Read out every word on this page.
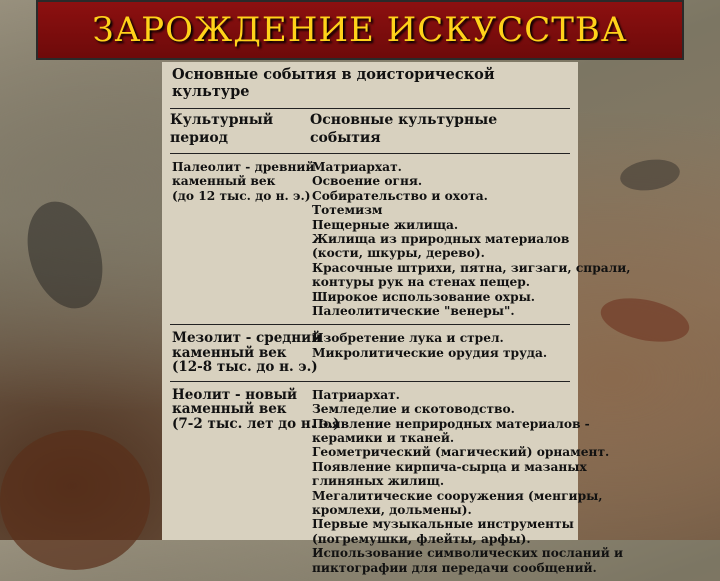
ЗАРОЖДЕНИЕ ИСКУССТВА
Основные события в доисторической культуре
Культурный период
Основные культурные события
Палеолит - древний
каменный век
(до 12 тыс. до н. э.)
Матриархат.
Освоение огня.
Собирательство и охота.
Тотемизм
Пещерные жилища.
Жилища из природных материалов
(кости, шкуры, дерево).
Красочные штрихи, пятна, зигзаги, спрали,
контуры рук на стенах пещер.
Широкое использование охры.
Палеолитические "венеры".
Мезолит - средний
каменный век
(12-8 тыс. до н. э.)
Изобретение лука и стрел.
Микролитические орудия труда.
Неолит - новый
каменный век
(7-2 тыс. лет до н. э.)
Патриархат.
Земледелие и скотоводство.
Появление неприродных материалов -
керамики и тканей.
Геометрический (магический) орнамент.
Появление кирпича-сырца и мазаных
глиняных жилищ.
Мегалитические сооружения (менгиры,
кромлехи, дольмены).
Первые музыкальные инструменты
(погремушки, флейты, арфы).
Использование символических посланий и
пиктографии для передачи сообщений.
